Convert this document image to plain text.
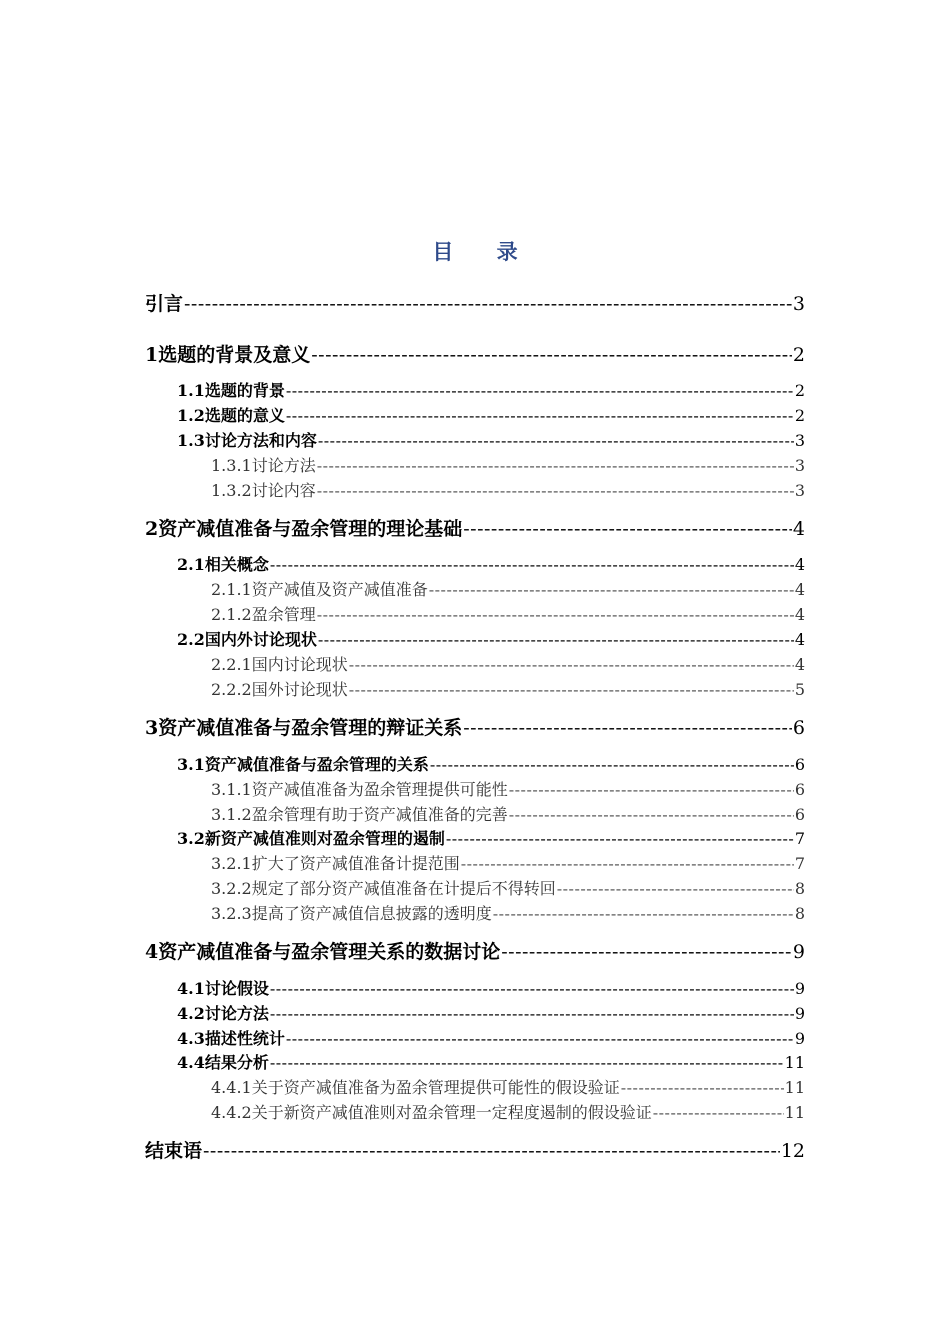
目 录
引言 -----	3
1选题的背景及意义 -----	2
1.1选题的背景 -----	2
1.2选题的意义 -----	2
1.3讨论方法和内容 -----	3
1.3.1讨论方法 -----	3
1.3.2讨论内容 -----	3
2资产减值准备与盈余管理的理论基础 -----	4
2.1相关概念 -----	4
2.1.1资产减值及资产减值准备 -----	4
2.1.2盈余管理 -----	4
2.2国内外讨论现状 -----	4
2.2.1国内讨论现状 -----	4
2.2.2国外讨论现状 -----	5
3资产减值准备与盈余管理的辩证关系 -----	6
3.1资产减值准备与盈余管理的关系 -----	6
3.1.1资产减值准备为盈余管理提供可能性 -----	6
3.1.2盈余管理有助于资产减值准备的完善 -----	6
3.2新资产减值准则对盈余管理的遏制 -----	7
3.2.1扩大了资产减值准备计提范围 -----	7
3.2.2规定了部分资产减值准备在计提后不得转回 -----	8
3.2.3提高了资产减值信息披露的透明度 -----	8
4资产减值准备与盈余管理关系的数据讨论 -----	9
4.1讨论假设 -----	9
4.2讨论方法 -----	9
4.3描述性统计 -----	9
4.4结果分析 -----	11
4.4.1关于资产减值准备为盈余管理提供可能性的假设验证 -----	11
4.4.2关于新资产减值准则对盈余管理一定程度遏制的假设验证 -----	11
结束语 -----	12
